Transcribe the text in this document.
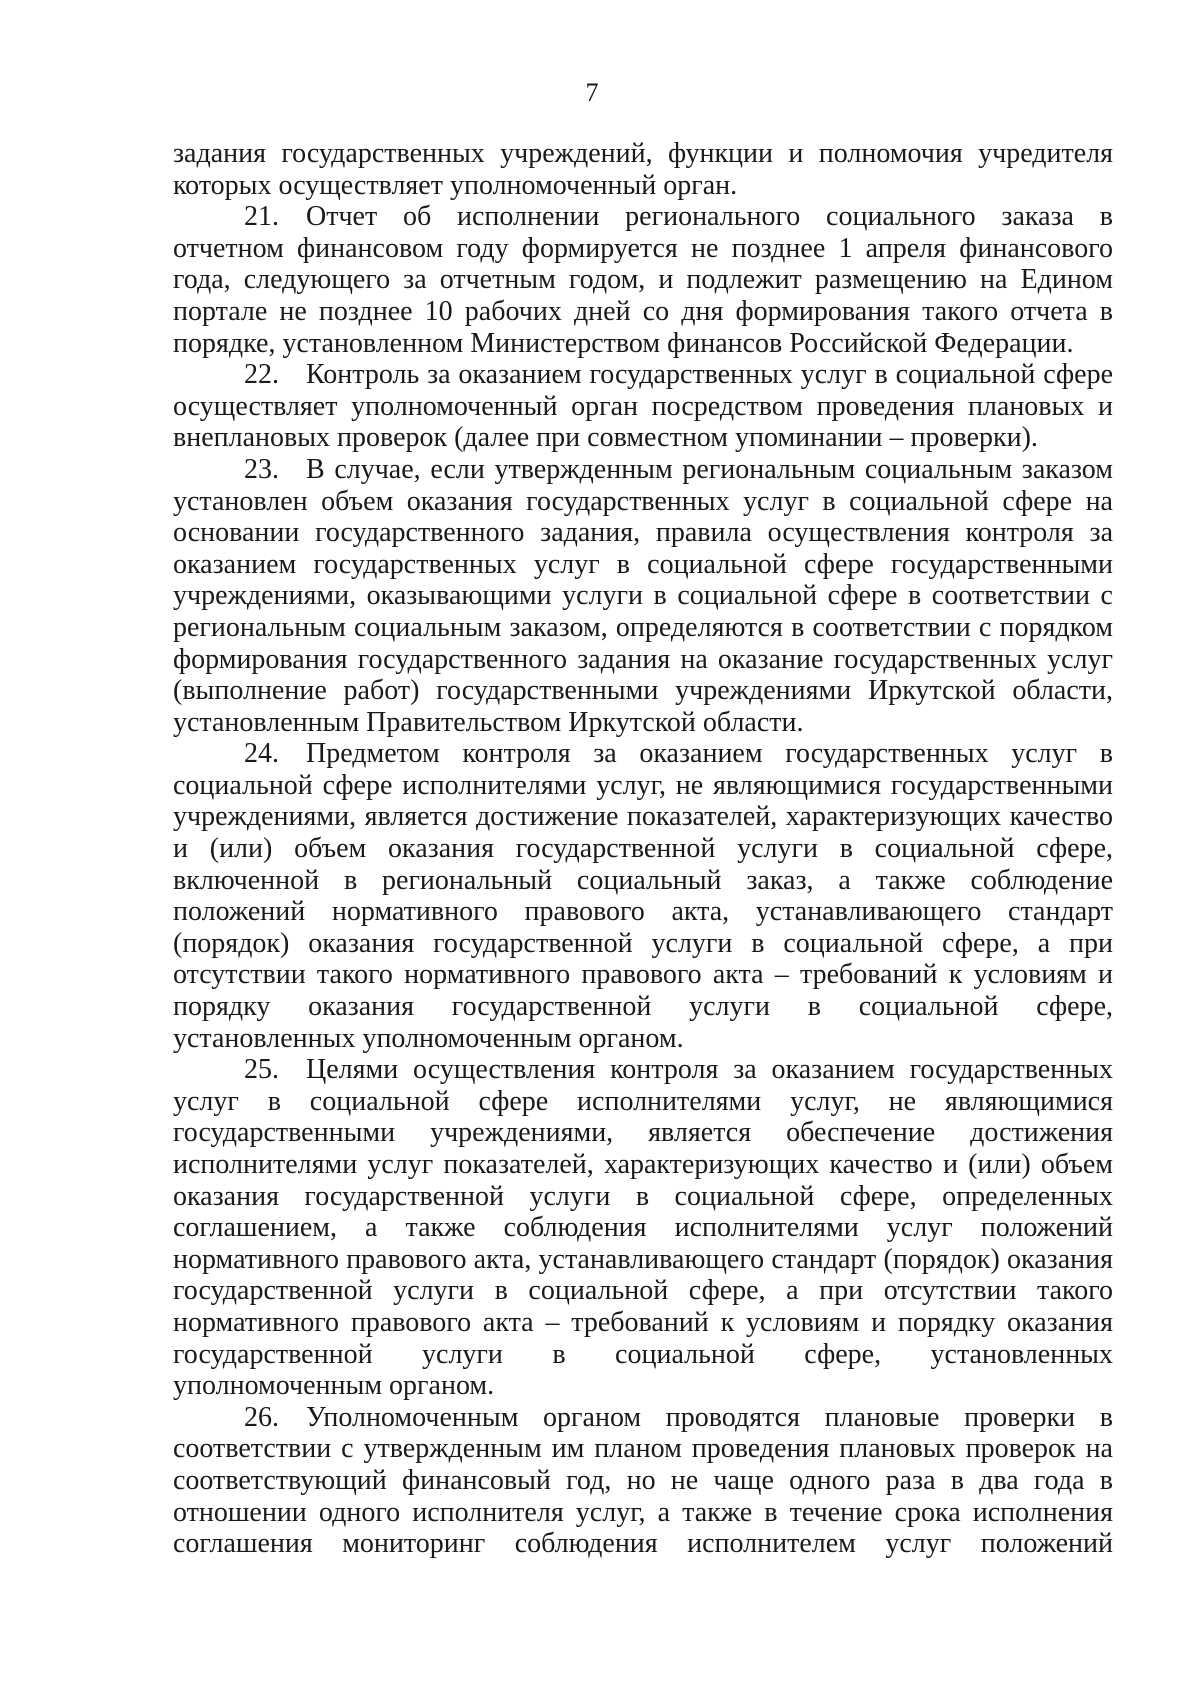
7

задания государственных учреждений, функции и полномочия учредителя которых осуществляет уполномоченный орган.

21. Отчет об исполнении регионального социального заказа в отчетном финансовом году формируется не позднее 1 апреля финансового года, следующего за отчетным годом, и подлежит размещению на Едином портале не позднее 10 рабочих дней со дня формирования такого отчета в порядке, установленном Министерством финансов Российской Федерации.

22. Контроль за оказанием государственных услуг в социальной сфере осуществляет уполномоченный орган посредством проведения плановых и внеплановых проверок (далее при совместном упоминании – проверки).

23. В случае, если утвержденным региональным социальным заказом установлен объем оказания государственных услуг в социальной сфере на основании государственного задания, правила осуществления контроля за оказанием государственных услуг в социальной сфере государственными учреждениями, оказывающими услуги в социальной сфере в соответствии с региональным социальным заказом, определяются в соответствии с порядком формирования государственного задания на оказание государственных услуг (выполнение работ) государственными учреждениями Иркутской области, установленным Правительством Иркутской области.

24. Предметом контроля за оказанием государственных услуг в социальной сфере исполнителями услуг, не являющимися государственными учреждениями, является достижение показателей, характеризующих качество и (или) объем оказания государственной услуги в социальной сфере, включенной в региональный социальный заказ, а также соблюдение положений нормативного правового акта, устанавливающего стандарт (порядок) оказания государственной услуги в социальной сфере, а при отсутствии такого нормативного правового акта – требований к условиям и порядку оказания государственной услуги в социальной сфере, установленных уполномоченным органом.

25. Целями осуществления контроля за оказанием государственных услуг в социальной сфере исполнителями услуг, не являющимися государственными учреждениями, является обеспечение достижения исполнителями услуг показателей, характеризующих качество и (или) объем оказания государственной услуги в социальной сфере, определенных соглашением, а также соблюдения исполнителями услуг положений нормативного правового акта, устанавливающего стандарт (порядок) оказания государственной услуги в социальной сфере, а при отсутствии такого нормативного правового акта – требований к условиям и порядку оказания государственной услуги в социальной сфере, установленных уполномоченным органом.

26. Уполномоченным органом проводятся плановые проверки в соответствии с утвержденным им планом проведения плановых проверок на соответствующий финансовый год, но не чаще одного раза в два года в отношении одного исполнителя услуг, а также в течение срока исполнения соглашения мониторинг соблюдения исполнителем услуг положений
